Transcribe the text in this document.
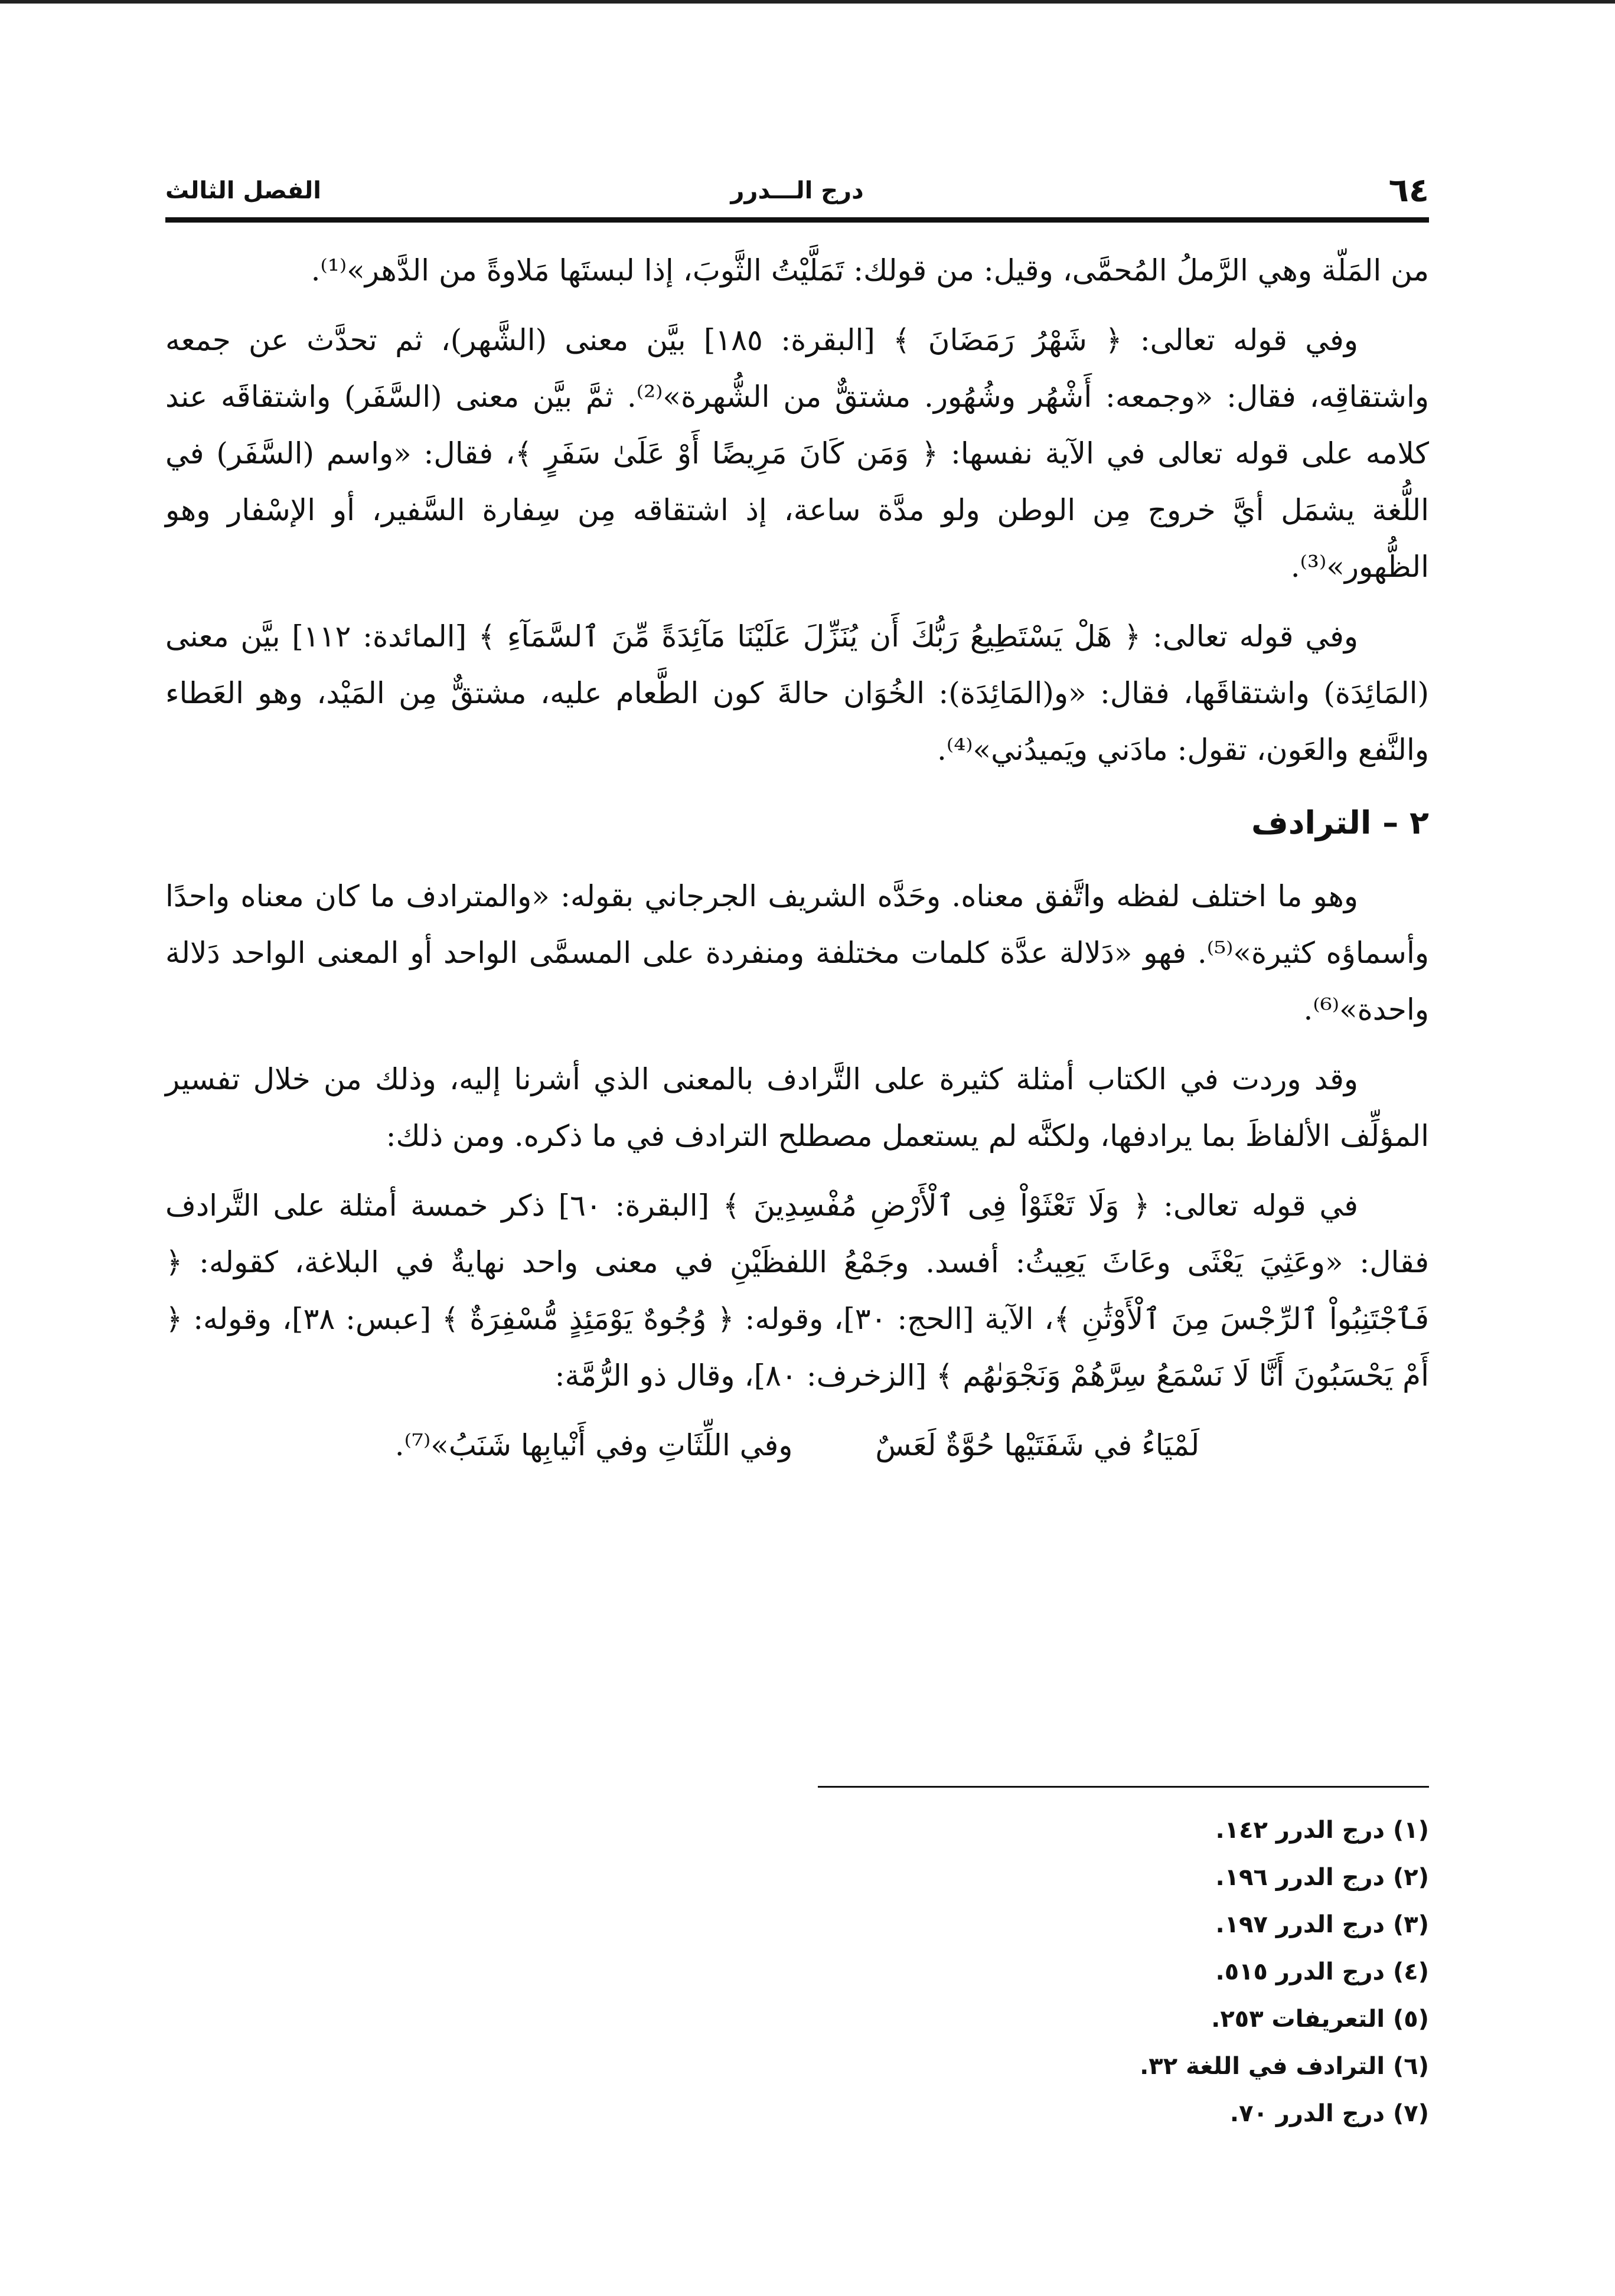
٦٤
درج الـــدرر
الفصل الثالث

من المَلّة وهي الرَّملُ المُحمَّى، وقيل: من قولك: تَمَلَّيْتُ الثَّوبَ، إذا لبستَها مَلاوةً من الدَّهر»⁽¹⁾.

وفي قوله تعالى: ﴿ شَهْرُ رَمَضَانَ ﴾ [البقرة: ١٨٥] بيَّن معنى (الشَّهر)، ثم تحدَّث عن جمعه واشتقاقِه، فقال: «وجمعه: أَشْهُر وشُهُور. مشتقٌّ من الشُّهرة»⁽²⁾. ثمَّ بيَّن معنى (السَّفَر) واشتقاقَه عند كلامه على قوله تعالى في الآية نفسها: ﴿ وَمَن كَانَ مَرِيضًا أَوْ عَلَىٰ سَفَرٍ ﴾، فقال: «واسم (السَّفَر) في اللُّغة يشمَل أيَّ خروج مِن الوطن ولو مدَّة ساعة، إذ اشتقاقه مِن سِفارة السَّفير، أو الإسْفار وهو الظُّهور»⁽³⁾.

وفي قوله تعالى: ﴿ هَلْ يَسْتَطِيعُ رَبُّكَ أَن يُنَزِّلَ عَلَيْنَا مَآئِدَةً مِّنَ ٱلسَّمَآءِ ﴾ [المائدة: ١١٢] بيَّن معنى (المَائِدَة) واشتقاقَها، فقال: «و(المَائِدَة): الخُوَان حالةَ كون الطَّعام عليه، مشتقٌّ مِن المَيْد، وهو العَطاء والنَّفع والعَون، تقول: مادَني ويَميدُني»⁽⁴⁾.

٢ – الترادف

وهو ما اختلف لفظه واتَّفق معناه. وحَدَّه الشريف الجرجاني بقوله: «والمترادف ما كان معناه واحدًا وأسماؤه كثيرة»⁽⁵⁾. فهو «دَلالة عدَّة كلمات مختلفة ومنفردة على المسمَّى الواحد أو المعنى الواحد دَلالة واحدة»⁽⁶⁾.

وقد وردت في الكتاب أمثلة كثيرة على التَّرادف بالمعنى الذي أشرنا إليه، وذلك من خلال تفسير المؤلِّف الألفاظَ بما يرادفها، ولكنَّه لم يستعمل مصطلح الترادف في ما ذكره. ومن ذلك:

في قوله تعالى: ﴿ وَلَا تَعْثَوْاْ فِى ٱلْأَرْضِ مُفْسِدِينَ ﴾ [البقرة: ٦٠] ذكر خمسة أمثلة على التَّرادف فقال: «وعَثِيَ يَعْثَى وعَاثَ يَعِيثُ: أفسد. وجَمْعُ اللفظَيْنِ في معنى واحد نهايةٌ في البلاغة، كقوله: ﴿ فَٱجْتَنِبُواْ ٱلرِّجْسَ مِنَ ٱلْأَوْثَٰنِ ﴾، الآية [الحج: ٣٠]، وقوله: ﴿ وُجُوهٌ يَوْمَئِذٍ مُّسْفِرَةٌ ﴾ [عبس: ٣٨]، وقوله: ﴿ أَمْ يَحْسَبُونَ أَنَّا لَا نَسْمَعُ سِرَّهُمْ وَنَجْوَىٰهُم ﴾ [الزخرف: ٨٠]، وقال ذو الرُّمَّة:

لَمْيَاءُ في شَفَتَيْها حُوَّةٌ لَعَسٌوفي اللِّثَاتِ وفي أَنْيابِها شَنَبُ»⁽⁷⁾.

(١) درج الدرر ١٤٢.
(٢) درج الدرر ١٩٦.
(٣) درج الدرر ١٩٧.
(٤) درج الدرر ٥١٥.
(٥) التعريفات ٢٥٣.
(٦) الترادف في اللغة ٣٢.
(٧) درج الدرر ٧٠.
